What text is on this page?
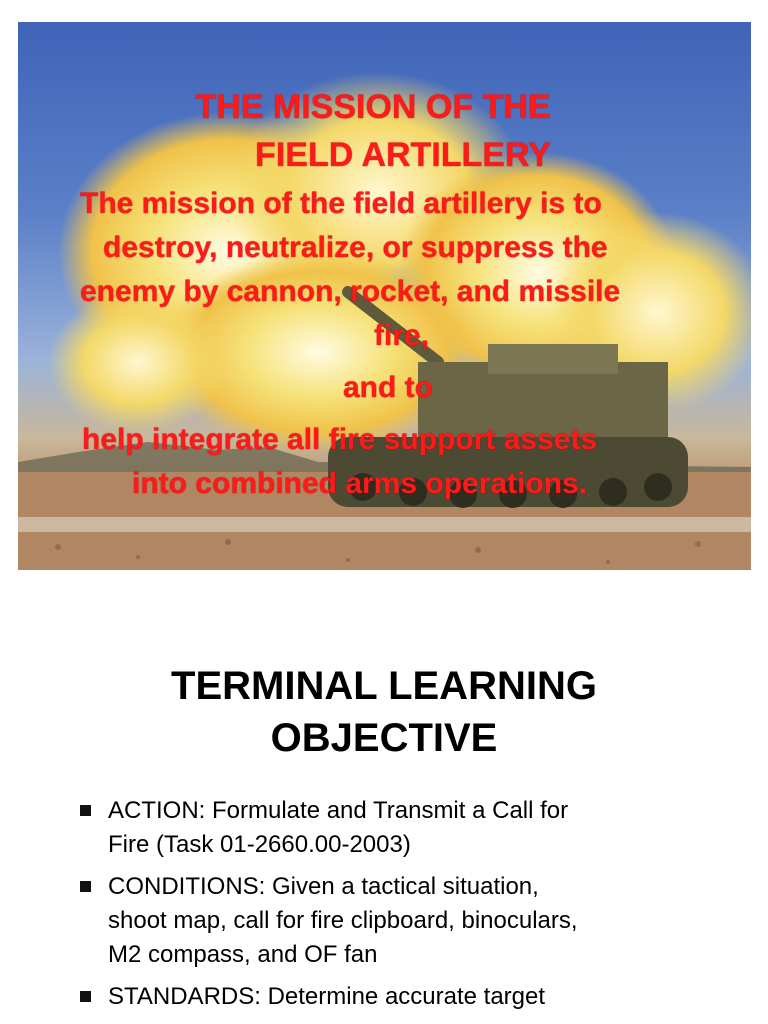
THE MISSION OF THE

FIELD ARTILLERY

The mission of the field artillery is to
destroy, neutralize, or suppress the
enemy by cannon, rocket, and missile
fire,
and to
help integrate all fire support assets
into combined arms operations.
TERMINAL LEARNING
OBJECTIVE
ACTION: Formulate and Transmit a Call for
Fire (Task 01-2660.00-2003)
CONDITIONS: Given a tactical situation,
shoot map, call for fire clipboard, binoculars,
M2 compass, and OF fan
STANDARDS: Determine accurate target
